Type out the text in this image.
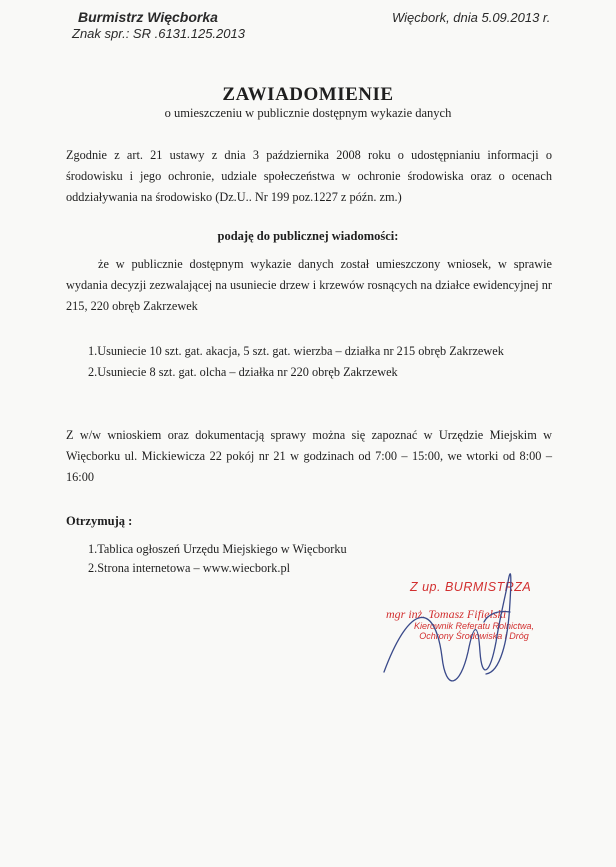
Burmistrz Więcborka
Znak spr.: SR .6131.125.2013
Więcbork, dnia 5.09.2013 r.
ZAWIADOMIENIE
o umieszczeniu w publicznie dostępnym wykazie danych
Zgodnie z art. 21 ustawy z dnia 3 października 2008 roku o udostępnianiu informacji o środowisku i jego ochronie, udziale społeczeństwa w ochronie środowiska oraz o ocenach oddziaływania na środowisko (Dz.U.. Nr 199 poz.1227 z późn. zm.)
podaję do publicznej wiadomości:
że w publicznie dostępnym wykazie danych został umieszczony wniosek, w sprawie wydania decyzji zezwalającej na usuniecie drzew i krzewów rosnących na działce ewidencyjnej nr 215, 220 obręb Zakrzewek
1.Usuniecie 10 szt. gat. akacja, 5 szt. gat. wierzba – działka nr 215 obręb Zakrzewek
2.Usuniecie 8 szt. gat. olcha – działka nr 220 obręb Zakrzewek
Z w/w wnioskiem oraz dokumentacją sprawy można się zapoznać w Urzędzie Miejskim w Więcborku ul. Mickiewicza 22 pokój nr 21 w godzinach od 7:00 – 15:00, we wtorki od 8:00 – 16:00
Otrzymują :
1.Tablica ogłoszeń Urzędu Miejskiego w Więcborku
2.Strona internetowa – www.wiecbork.pl
Z up. BURMISTRZA
mgr inż. Tomasz Fifielski
Kierownik Referatu Rolnictwa, Ochrony Środowiska i Dróg
